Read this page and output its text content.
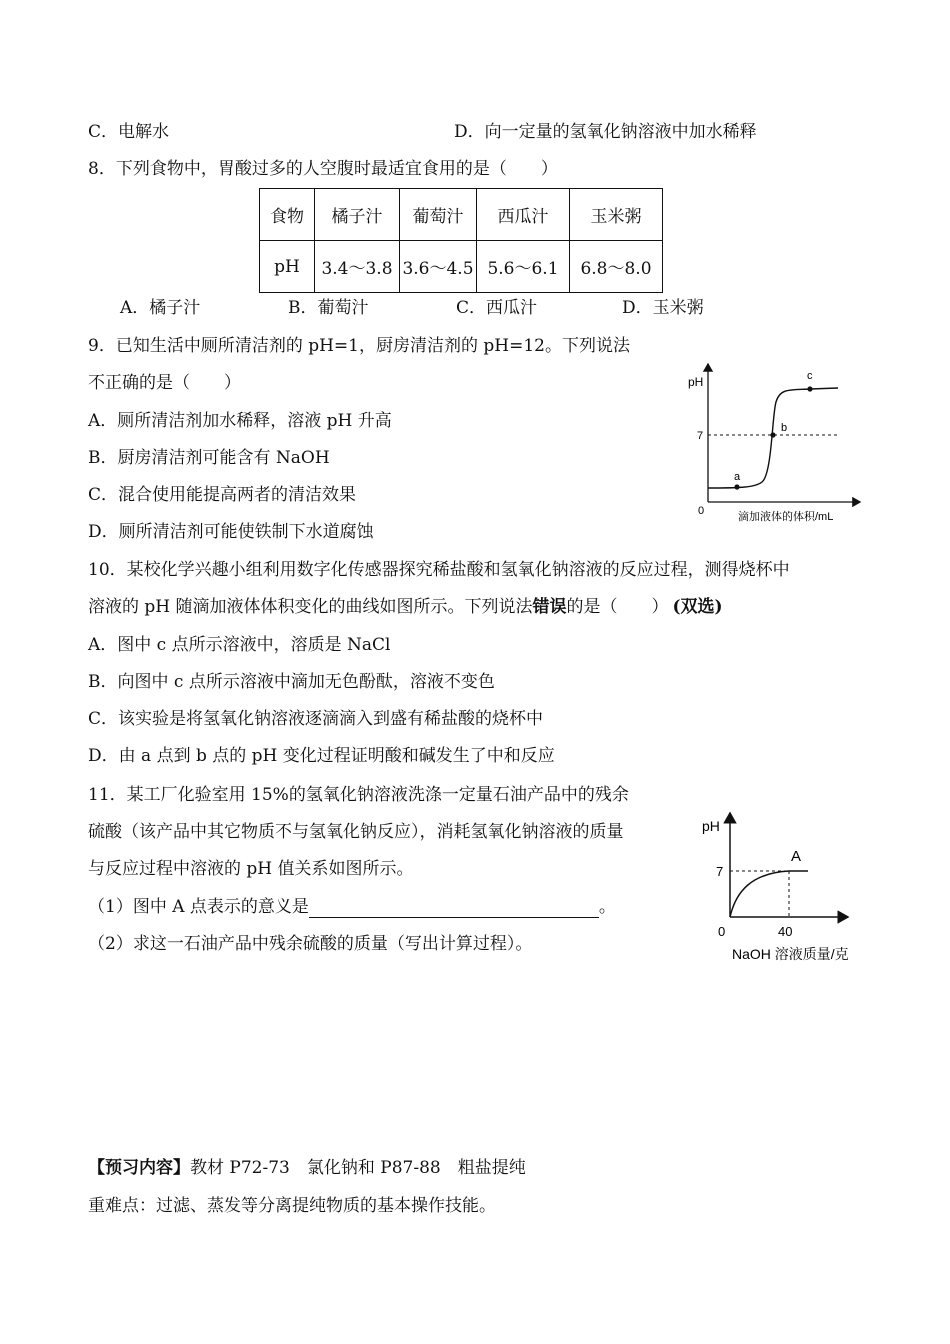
C．电解水	D．向一定量的氢氧化钠溶液中加水稀释
8．下列食物中，胃酸过多的人空腹时最适宜食用的是（　　）
食物	橘子汁	葡萄汁	西瓜汁	玉米粥
pH	3.4～3.8	3.6～4.5	5.6～6.1	6.8～8.0
A．橘子汁	B．葡萄汁	C．西瓜汁	D．玉米粥
9．已知生活中厕所清洁剂的 pH=1，厨房清洁剂的 pH=12。下列说法
不正确的是（　　）
A．厕所清洁剂加水稀释，溶液 pH 升高
B．厨房清洁剂可能含有 NaOH
C．混合使用能提高两者的清洁效果
D．厕所清洁剂可能使铁制下水道腐蚀
pH
7
0
a
b
c
滴加液体的体积/mL
10．某校化学兴趣小组利用数字化传感器探究稀盐酸和氢氧化钠溶液的反应过程，测得烧杯中
溶液的 pH 随滴加液体体积变化的曲线如图所示。下列说法错误的是（　　） (双选)
A．图中 c 点所示溶液中，溶质是 NaCl
B．向图中 c 点所示溶液中滴加无色酚酞，溶液不变色
C．该实验是将氢氧化钠溶液逐滴滴入到盛有稀盐酸的烧杯中
D．由 a 点到 b 点的 pH 变化过程证明酸和碱发生了中和反应
11．某工厂化验室用 15%的氢氧化钠溶液洗涤一定量石油产品中的残余
硫酸（该产品中其它物质不与氢氧化钠反应），消耗氢氧化钠溶液的质量
与反应过程中溶液的 pH 值关系如图所示。
（1）图中 A 点表示的意义是	。
（2）求这一石油产品中残余硫酸的质量（写出计算过程）。
pH
7
0	40
A
NaOH 溶液质量/克
【预习内容】教材 P72-73　氯化钠和 P87-88　粗盐提纯
重难点：过滤、蒸发等分离提纯物质的基本操作技能。
